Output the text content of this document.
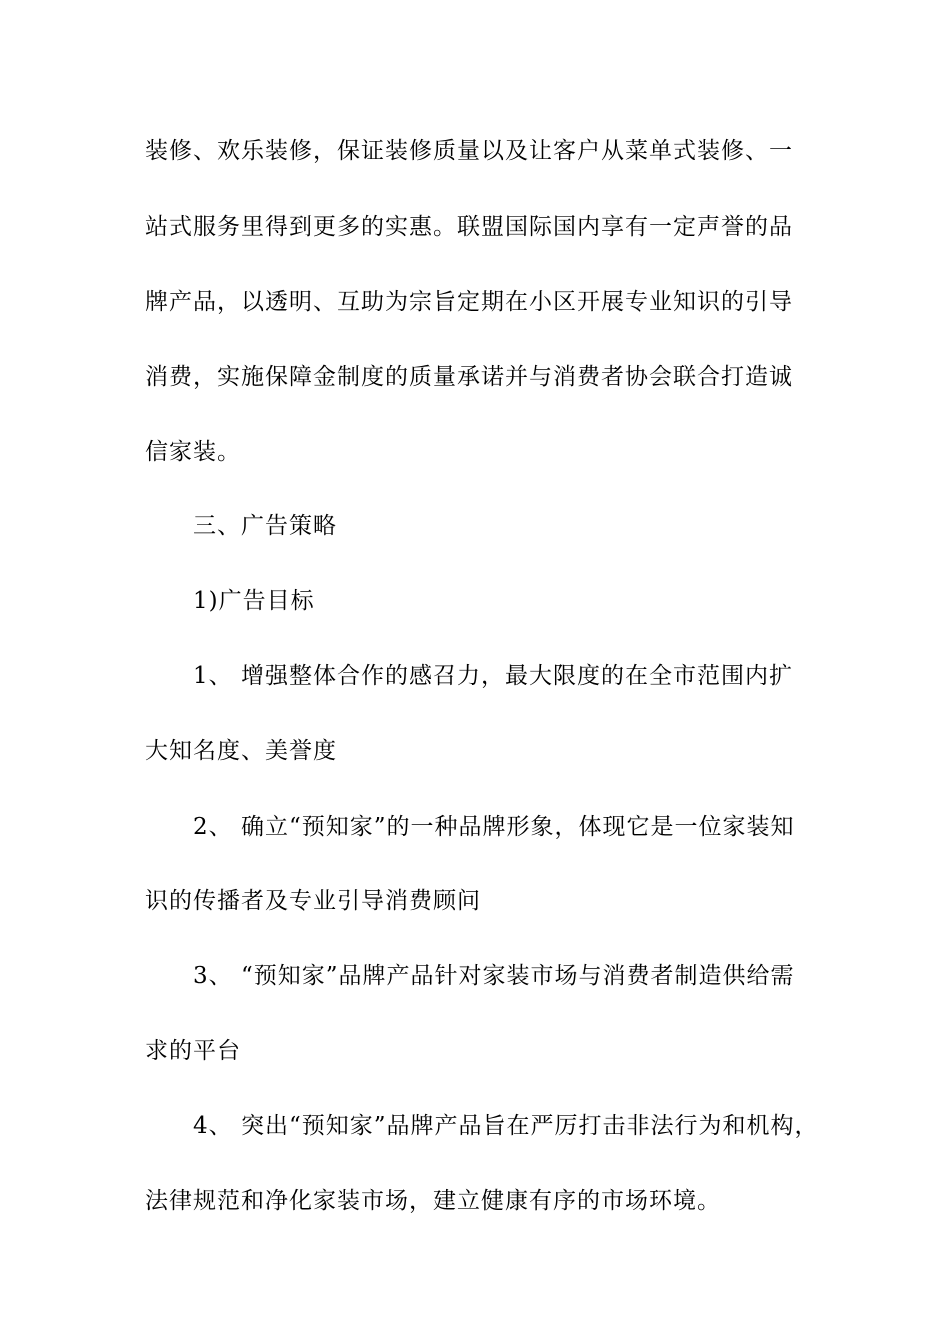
装修、欢乐装修，保证装修质量以及让客户从菜单式装修、一
站式服务里得到更多的实惠。联盟国际国内享有一定声誉的品
牌产品，以透明、互助为宗旨定期在小区开展专业知识的引导
消费，实施保障金制度的质量承诺并与消费者协会联合打造诚
信家装。
三、广告策略
1)广告目标
1、 增强整体合作的感召力，最大限度的在全市范围内扩
大知名度、美誉度
2、 确立“预知家”的一种品牌形象，体现它是一位家装知
识的传播者及专业引导消费顾问
3、 “预知家”品牌产品针对家装市场与消费者制造供给需
求的平台
4、 突出“预知家”品牌产品旨在严厉打击非法行为和机构，
法律规范和净化家装市场，建立健康有序的市场环境。
